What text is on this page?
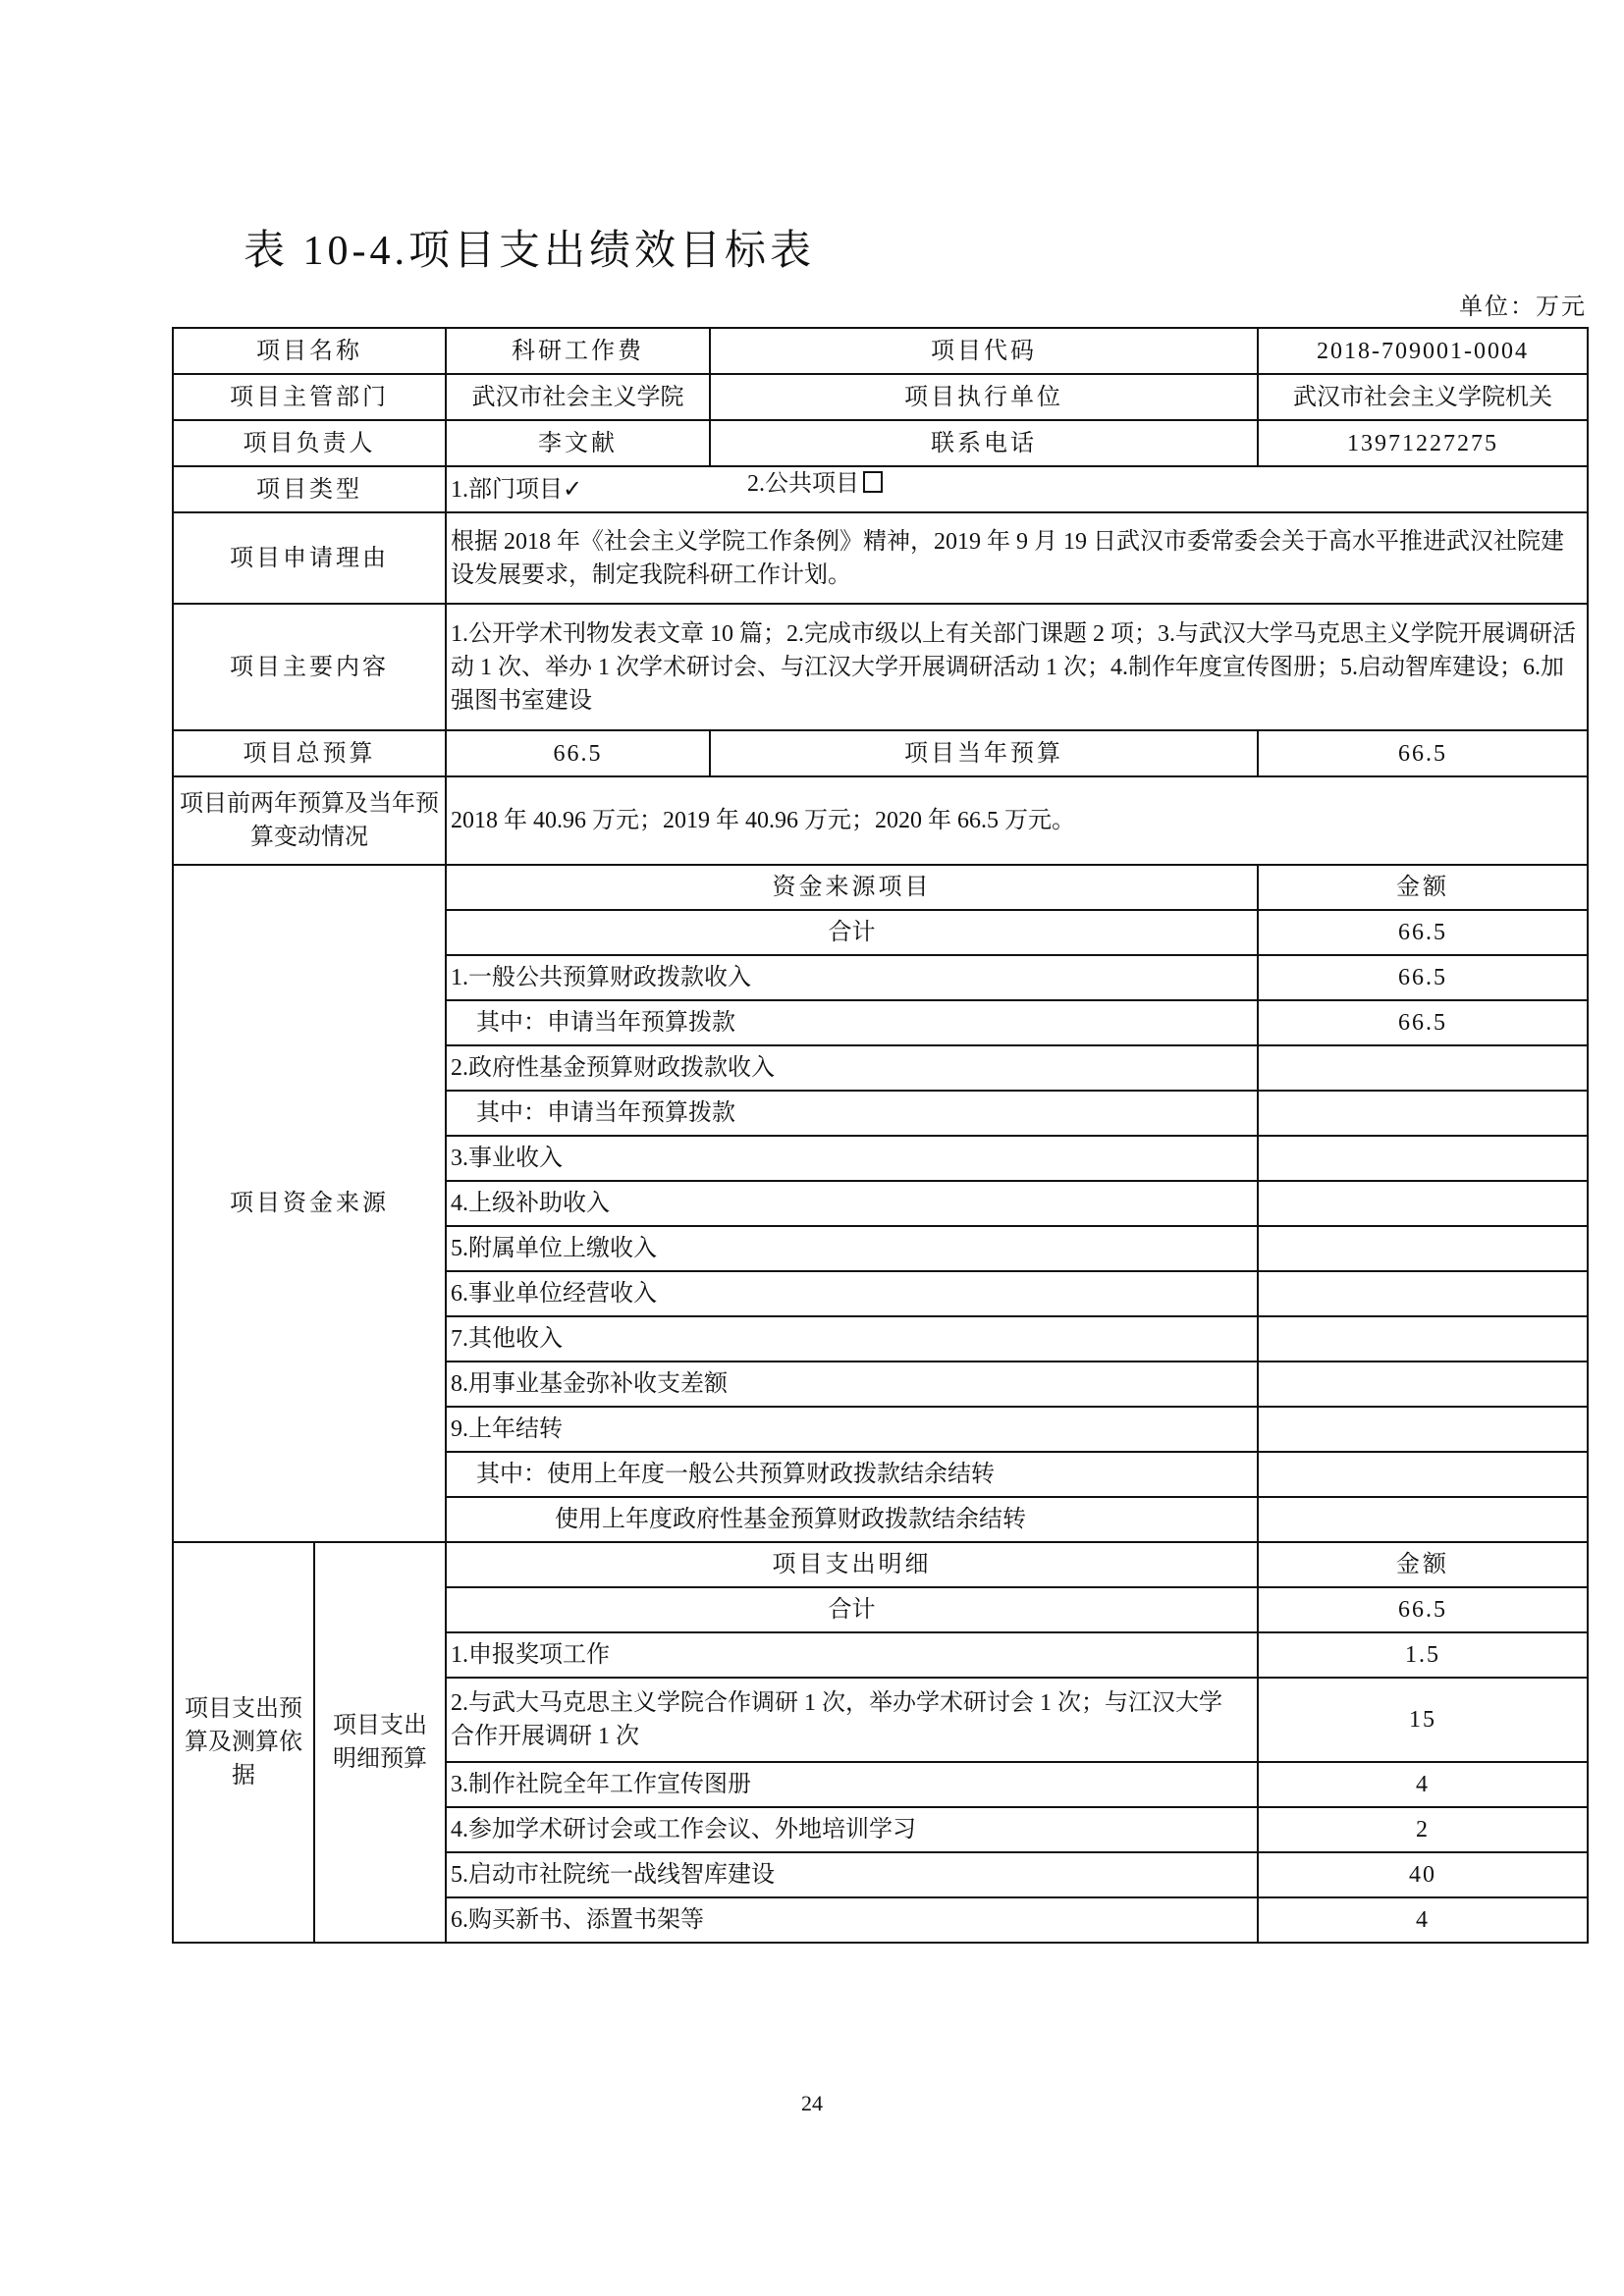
表 10-4.项目支出绩效目标表
单位：万元
项目名称		科研工作费	项目代码	2018-709001-0004
项目主管部门		武汉市社会主义学院	项目执行单位	武汉市社会主义学院机关
项目负责人		李文献	联系电话	13971227275
项目类型		1.部门项目✓ 2.公共项目		

项目申请理由		根据 2018 年《社会主义学院工作条例》精神，2019 年 9 月 19 日武汉市委常委会关于高水平推进武汉社院建设发展要求，制定我院科研工作计划。		
项目主要内容		1.公开学术刊物发表文章 10 篇；2.完成市级以上有关部门课题 2 项；3.与武汉大学马克思主义学院开展调研活动 1 次、举办 1 次学术研讨会、与江汉大学开展调研活动 1 次；4.制作年度宣传图册；5.启动智库建设；6.加强图书室建设		
项目总预算		66.5	项目当年预算	66.5
项目前两年预算及当年预算变动情况		2018 年 40.96 万元；2019 年 40.96 万元；2020 年 66.5 万元。		
项目资金来源		资金来源项目		金额
		合计		66.5
		1.一般公共预算财政拨款收入		66.5
		其中：申请当年预算拨款		66.5
		2.政府性基金预算财政拨款收入		
		其中：申请当年预算拨款		
		3.事业收入		
		4.上级补助收入		
		5.附属单位上缴收入		
		6.事业单位经营收入		
		7.其他收入		
		8.用事业基金弥补收支差额		
		9.上年结转		
		其中：使用上年度一般公共预算财政拨款结余结转		
		使用上年度政府性基金预算财政拨款结余结转		
项目支出预算及测算依据	项目支出明细预算	项目支出明细		金额
		合计		66.5
		1.申报奖项工作		1.5
		2.与武大马克思主义学院合作调研 1 次，举办学术研讨会 1 次；与江汉大学合作开展调研 1 次		15
		3.制作社院全年工作宣传图册		4
		4.参加学术研讨会或工作会议、外地培训学习		2
		5.启动市社院统一战线智库建设		40
		6.购买新书、添置书架等		4
24
